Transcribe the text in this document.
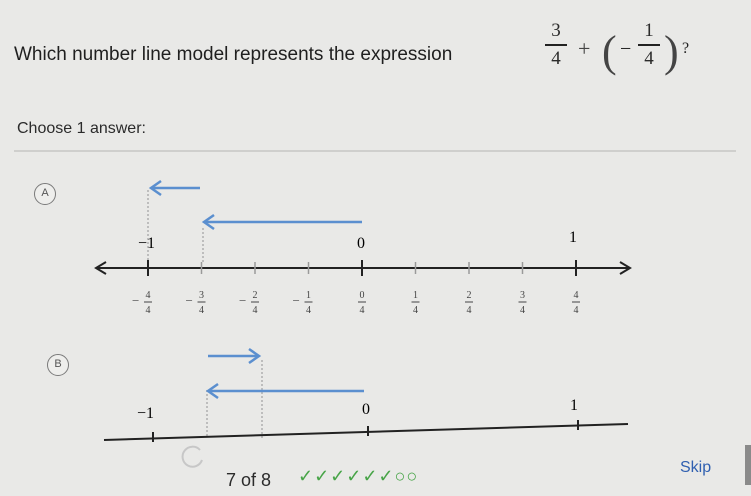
Which number line model represents the expression
3
4 + ( −
1
4 ) ?
Choose 1 answer:
A
− 4
4
− 3
4
− 2
4
− 1
4
0
4
1
4
2
4
3
4
4
4
−1	0	1
B
−1	0	1
7 of 8 ✓✓✓✓✓✓○○	Skip
